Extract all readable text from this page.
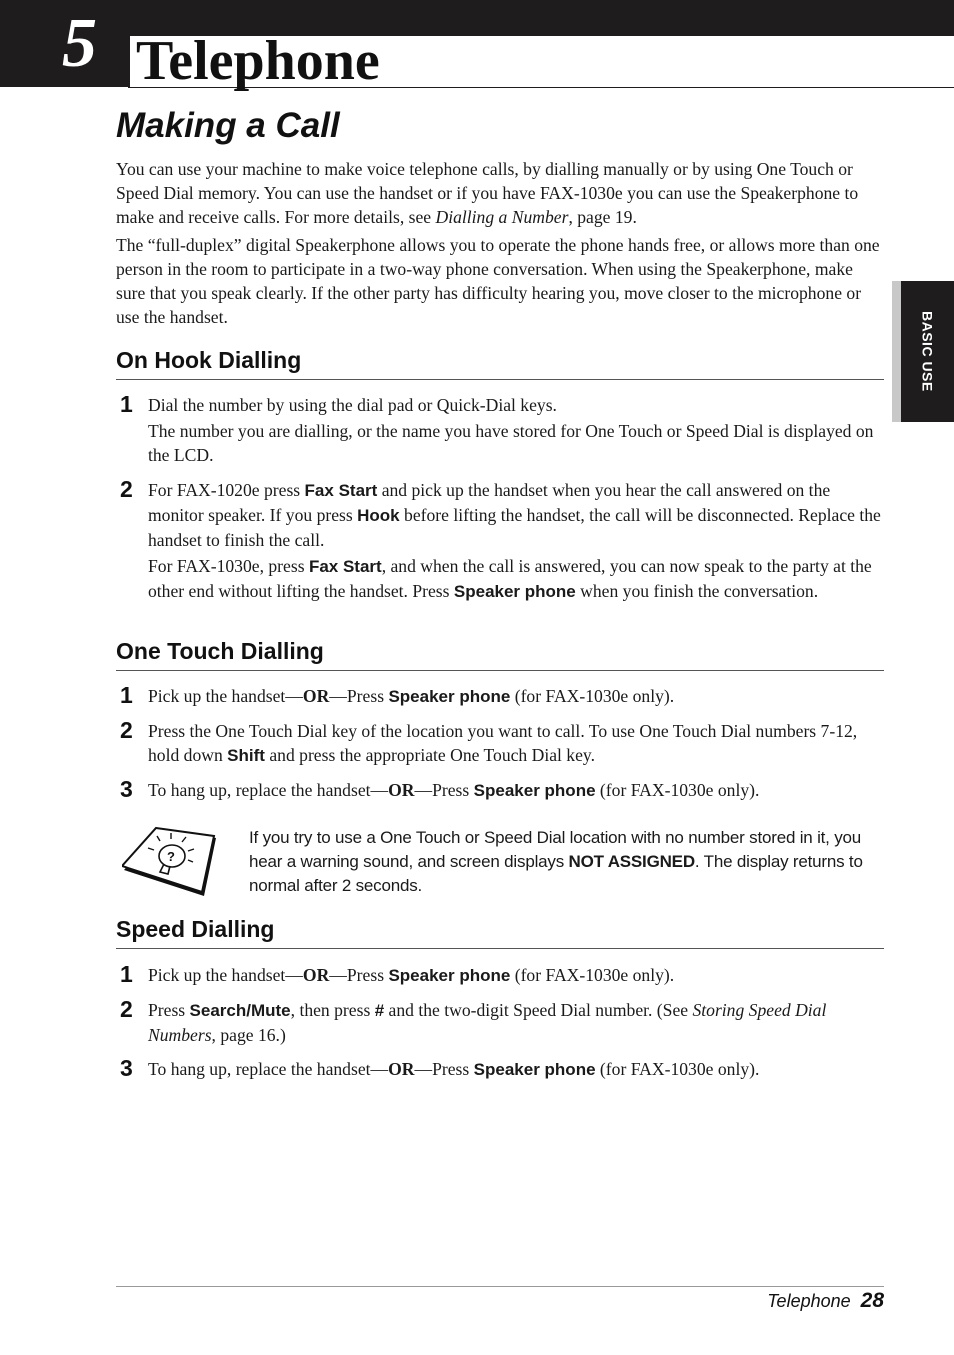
5 Telephone
BASIC USE
Making a Call

You can use your machine to make voice telephone calls, by dialling manually or by using One Touch or Speed Dial memory. You can use the handset or if you have FAX-1030e you can use the Speakerphone to make and receive calls. For more details, see Dialling a Number, page 19.

The “full-duplex” digital Speakerphone allows you to operate the phone hands free, or allows more than one person in the room to participate in a two-way phone conversation. When using the Speakerphone, make sure that you speak clearly. If the other party has difficulty hearing you, move closer to the microphone or use the handset.

On Hook Dialling
1 Dial the number by using the dial pad or Quick-Dial keys.
The number you are dialling, or the name you have stored for One Touch or Speed Dial is displayed on the LCD.
2 For FAX-1020e press Fax Start and pick up the handset when you hear the call answered on the monitor speaker. If you press Hook before lifting the handset, the call will be disconnected. Replace the handset to finish the call.
For FAX-1030e, press Fax Start, and when the call is answered, you can now speak to the party at the other end without lifting the handset. Press Speaker phone when you finish the conversation.
One Touch Dialling
1 Pick up the handset—OR—Press Speaker phone (for FAX-1030e only).
2 Press the One Touch Dial key of the location you want to call. To use One Touch Dial numbers 7-12, hold down Shift and press the appropriate One Touch Dial key.
3 To hang up, replace the handset—OR—Press Speaker phone (for FAX-1030e only).
Speed Dialling
1 Pick up the handset—OR—Press Speaker phone (for FAX-1030e only).
2 Press Search/Mute, then press # and the two-digit Speed Dial number. (See Storing Speed Dial Numbers, page 16.)
3 To hang up, replace the handset—OR—Press Speaker phone (for FAX-1030e only).
?
If you try to use a One Touch or Speed Dial location with no number stored in it, you hear a warning sound, and screen displays NOT ASSIGNED. The display returns to normal after 2 seconds.
Telephone 28
